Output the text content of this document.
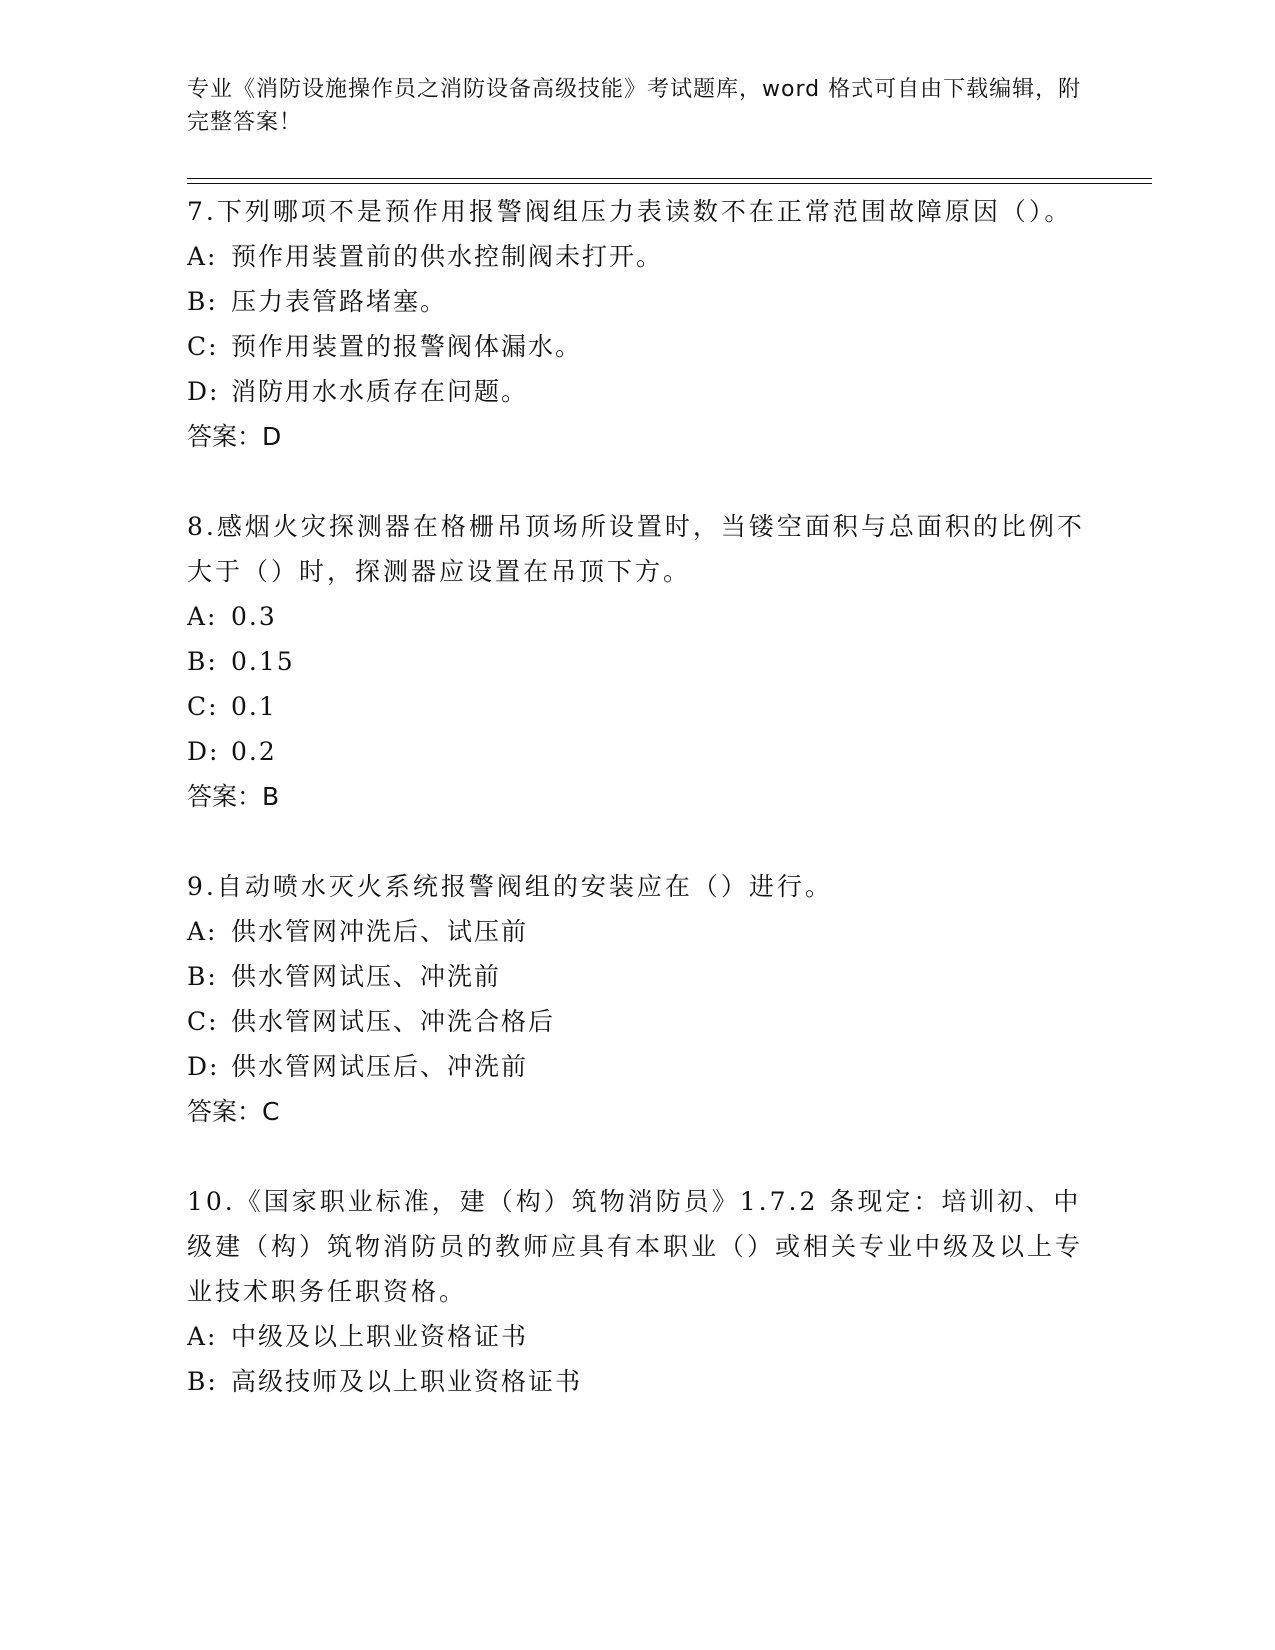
专业《消防设施操作员之消防设备高级技能》考试题库，word 格式可自由下载编辑，附完整答案！

7.下列哪项不是预作用报警阀组压力表读数不在正常范围故障原因（）。

A: 预作用装置前的供水控制阀未打开。

B: 压力表管路堵塞。

C: 预作用装置的报警阀体漏水。

D: 消防用水水质存在问题。

答案：D

8.感烟火灾探测器在格栅吊顶场所设置时，当镂空面积与总面积的比例不大于（）时，探测器应设置在吊顶下方。

A: 0.3

B: 0.15

C: 0.1

D: 0.2

答案：B

9.自动喷水灭火系统报警阀组的安装应在（）进行。

A: 供水管网冲洗后、试压前

B: 供水管网试压、冲洗前

C: 供水管网试压、冲洗合格后

D: 供水管网试压后、冲洗前

答案：C

10.《国家职业标准，建（构）筑物消防员》1.7.2 条现定：培训初、中级建（构）筑物消防员的教师应具有本职业（）或相关专业中级及以上专业技术职务任职资格。

A: 中级及以上职业资格证书

B: 高级技师及以上职业资格证书
